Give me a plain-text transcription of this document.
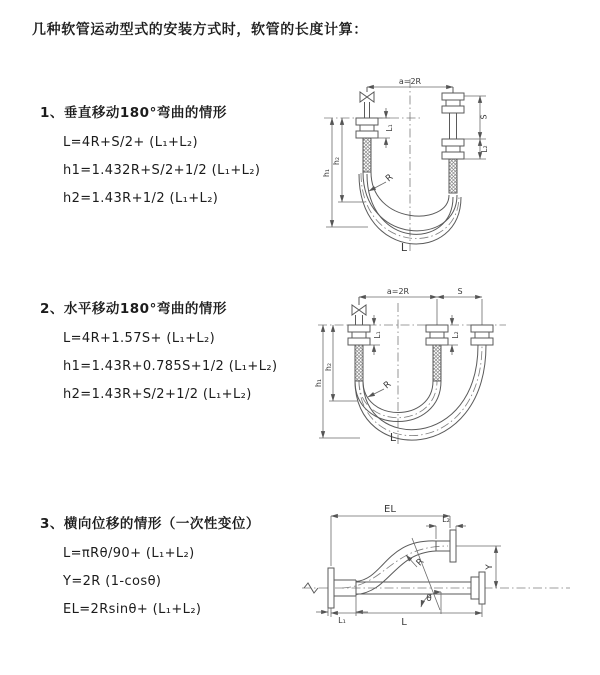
几种软管运动型式的安装方式时，软管的长度计算：
1、垂直移动180°弯曲的情形
L=4R+S/2+ (L₁+L₂)
h1=1.432R+S/2+1/2 (L₁+L₂)
h2=1.43R+1/2 (L₁+L₂)
a=2R
S
L₂
L₁
h₁
h₂
R
L
2、水平移动180°弯曲的情形
L=4R+1.57S+ (L₁+L₂)
h1=1.43R+0.785S+1/2 (L₁+L₂)
h2=1.43R+S/2+1/2 (L₁+L₂)
a=2R	S
h₁
h₂
L₁	L₂
R
L
3、横向位移的情形（一次性变位）
L=πRθ/90+ (L₁+L₂)
Y=2R (1-cosθ)
EL=2Rsinθ+ (L₁+L₂)
EL
L₂
L₁
Y
L
R
θ
